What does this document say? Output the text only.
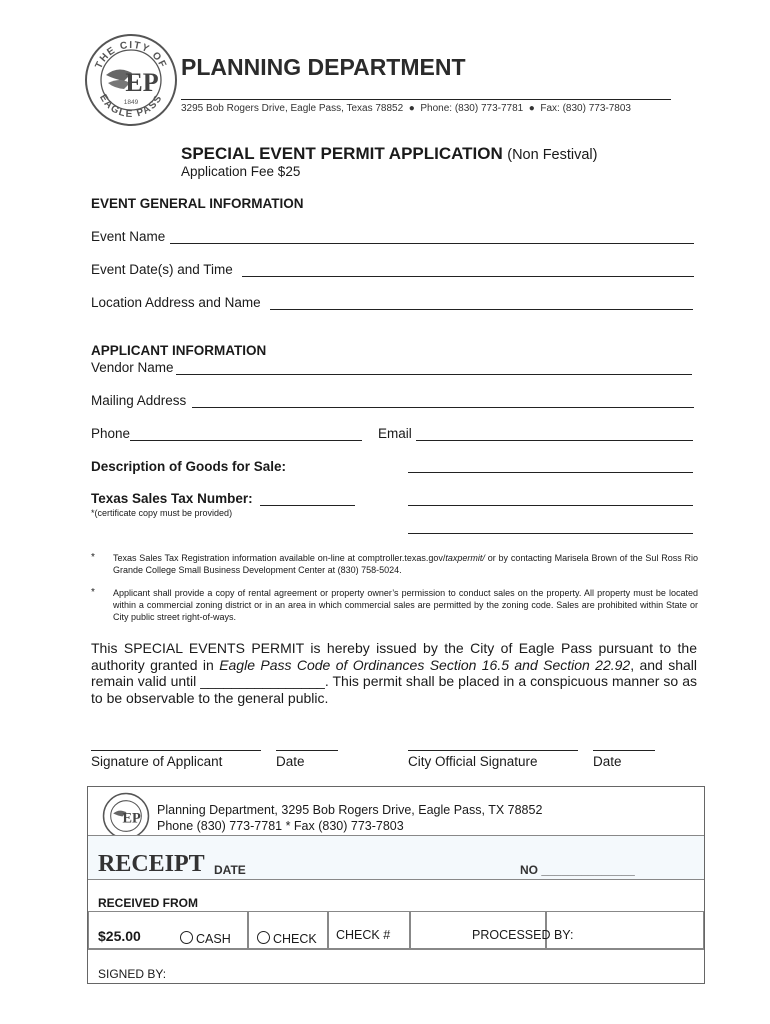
THE CITY OF
EAGLE PASS
EP
1849
PLANNING DEPARTMENT
3295 Bob Rogers Drive, Eagle Pass, Texas 78852  ●  Phone: (830) 773-7781  ●  Fax: (830) 773-7803
SPECIAL EVENT PERMIT APPLICATION (Non Festival)
Application Fee $25
EVENT GENERAL INFORMATION
Event Name
Event Date(s) and Time
Location Address and Name
APPLICANT INFORMATION
Vendor Name
Mailing Address
Phone	Email
Description of Goods for Sale:
Texas Sales Tax Number:
*(certificate copy must be provided)
* Texas Sales Tax Registration information available on-line at comptroller.texas.gov/taxpermit/ or by contacting Marisela Brown of the Sul Ross Rio Grande College Small Business Development Center at (830) 758-5024.
* Applicant shall provide a copy of rental agreement or property owner’s permission to conduct sales on the property. All property must be located within a commercial zoning district or in an area in which commercial sales are permitted by the zoning code. Sales are prohibited within State or City public street right-of-ways.
This SPECIAL EVENTS PERMIT is hereby issued by the City of Eagle Pass pursuant to the authority granted in Eagle Pass Code of Ordinances Section 16.5 and Section 22.92, and shall remain valid until ________________. This permit shall be placed in a conspicuous manner so as to be observable to the general public.
Signature of Applicant	Date	City Official Signature	Date
EP
Planning Department, 3295 Bob Rogers Drive, Eagle Pass, TX 78852
Phone (830) 773-7781 * Fax (830) 773-7803
RECEIPT DATE	NO ______________
RECEIVED FROM
$25.00	CASH	CHECK CHECK #	PROCESSED BY:
SIGNED BY:
